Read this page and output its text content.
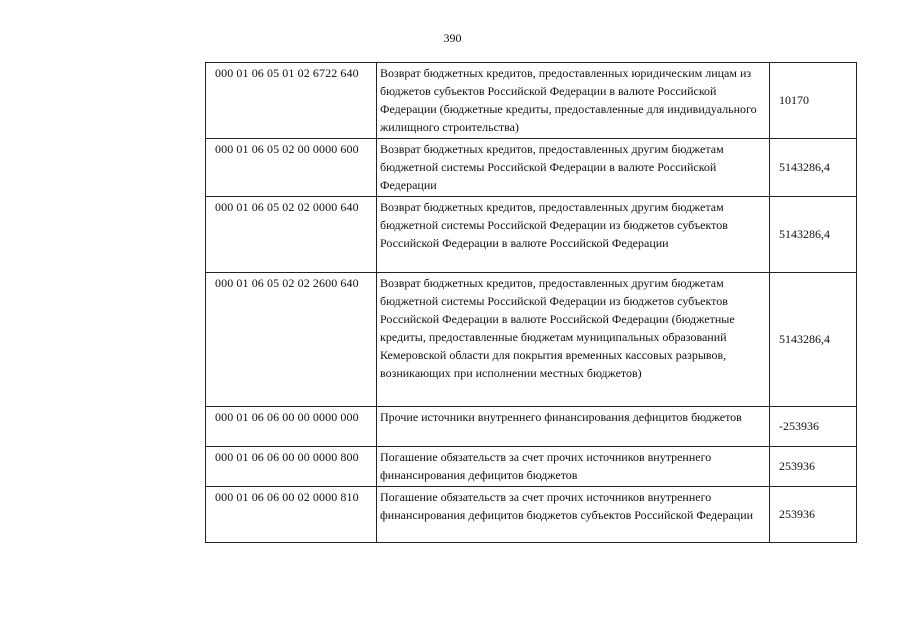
390
000 01 06 05 01 02 6722 640	Возврат бюджетных кредитов, предоставленных юридическим лицам из бюджетов субъектов Российской Федерации в валюте Российской Федерации (бюджетные кредиты, предоставленные для индивидуального жилищного строительства)	10170
000 01 06 05 02 00 0000 600	Возврат бюджетных кредитов, предоставленных другим бюджетам бюджетной системы Российской Федерации в валюте Российской Федерации	5143286,4
000 01 06 05 02 02 0000 640	Возврат бюджетных кредитов, предоставленных другим бюджетам бюджетной системы Российской Федерации из бюджетов субъектов Российской Федерации в валюте Российской Федерации	5143286,4
000 01 06 05 02 02 2600 640	Возврат бюджетных кредитов, предоставленных другим бюджетам бюджетной системы Российской Федерации из бюджетов субъектов Российской Федерации в валюте Российской Федерации (бюджетные кредиты, предоставленные бюджетам муниципальных образований Кемеровской области для покрытия временных кассовых разрывов, возникающих при исполнении местных бюджетов)	5143286,4
000 01 06 06 00 00 0000 000	Прочие источники внутреннего финансирования дефицитов бюджетов	-253936
000 01 06 06 00 00 0000 800	Погашение обязательств за счет прочих источников внутреннего финансирования дефицитов бюджетов	253936
000 01 06 06 00 02 0000 810	Погашение обязательств за счет прочих источников внутреннего финансирования дефицитов бюджетов субъектов Российской Федерации	253936
